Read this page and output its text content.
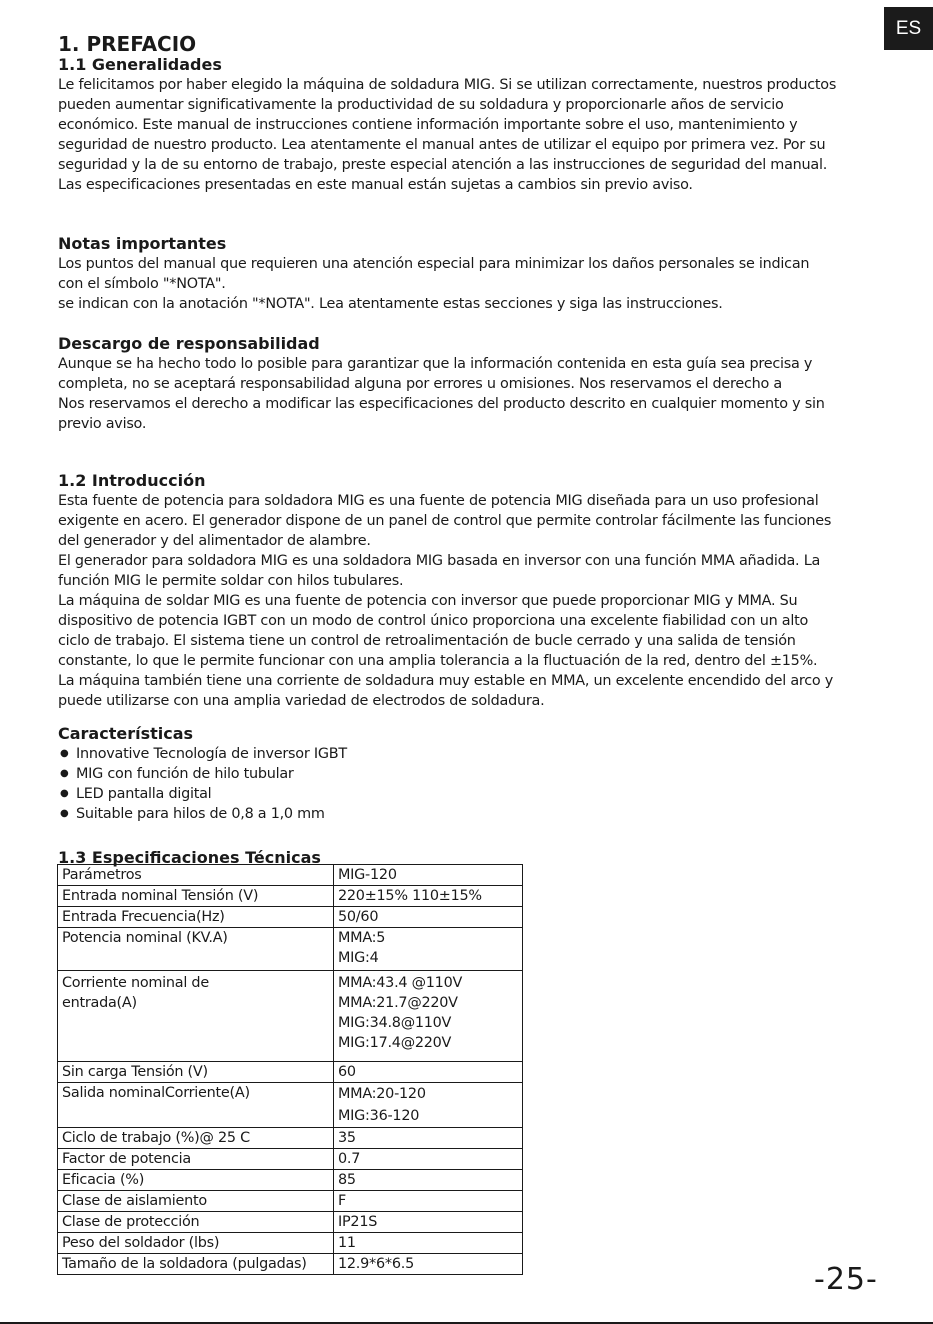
ES
1. PREFACIO
1.1 Generalidades
Le felicitamos por haber elegido la máquina de soldadura MIG. Si se utilizan correctamente, nuestros productos
pueden aumentar significativamente la productividad de su soldadura y proporcionarle años de servicio
económico. Este manual de instrucciones contiene información importante sobre el uso, mantenimiento y
seguridad de nuestro producto. Lea atentamente el manual antes de utilizar el equipo por primera vez. Por su
seguridad y la de su entorno de trabajo, preste especial atención a las instrucciones de seguridad del manual.
Las especificaciones presentadas en este manual están sujetas a cambios sin previo aviso.
Notas importantes
Los puntos del manual que requieren una atención especial para minimizar los daños personales se indican
con el símbolo "*NOTA".
se indican con la anotación "*NOTA". Lea atentamente estas secciones y siga las instrucciones.
Descargo de responsabilidad
Aunque se ha hecho todo lo posible para garantizar que la información contenida en esta guía sea precisa y
completa, no se aceptará responsabilidad alguna por errores u omisiones. Nos reservamos el derecho a
Nos reservamos el derecho a modificar las especificaciones del producto descrito en cualquier momento y sin
previo aviso.
1.2 Introducción
Esta fuente de potencia para soldadora MIG es una fuente de potencia MIG diseñada para un uso profesional
exigente en acero. El generador dispone de un panel de control que permite controlar fácilmente las funciones
del generador y del alimentador de alambre.
El generador para soldadora MIG es una soldadora MIG basada en inversor con una función MMA añadida. La
función MIG le permite soldar con hilos tubulares.
La máquina de soldar MIG es una fuente de potencia con inversor que puede proporcionar MIG y MMA. Su
dispositivo de potencia IGBT con un modo de control único proporciona una excelente fiabilidad con un alto
ciclo de trabajo. El sistema tiene un control de retroalimentación de bucle cerrado y una salida de tensión
constante, lo que le permite funcionar con una amplia tolerancia a la fluctuación de la red, dentro del ±15%.
La máquina también tiene una corriente de soldadura muy estable en MMA, un excelente encendido del arco y
puede utilizarse con una amplia variedad de electrodos de soldadura.
Características
● Innovative Tecnología de inversor IGBT
● MIG con función de hilo tubular
● LED pantalla digital
● Suitable para hilos de 0,8 a 1,0 mm
1.3 Especificaciones Técnicas
Parámetros	MIG-120
Entrada nominal Tensión (V)	220±15% 110±15%
Entrada Frecuencia(Hz)	50/60
Potencia nominal (KV.A)	MMA:5
MIG:4
Corriente nominal de
entrada(A)	MMA:43.4 @110V
MMA:21.7@220V
MIG:34.8@110V
MIG:17.4@220V
Sin carga Tensión (V)	60
Salida nominalCorriente(A)	MMA:20-120
MIG:36-120
Ciclo de trabajo (%)@ 25 C	35
Factor de potencia	0.7
Eficacia (%)	85
Clase de aislamiento	F
Clase de protección	IP21S
Peso del soldador (lbs)	11
Tamaño de la soldadora (pulgadas)	12.9*6*6.5	-25-
